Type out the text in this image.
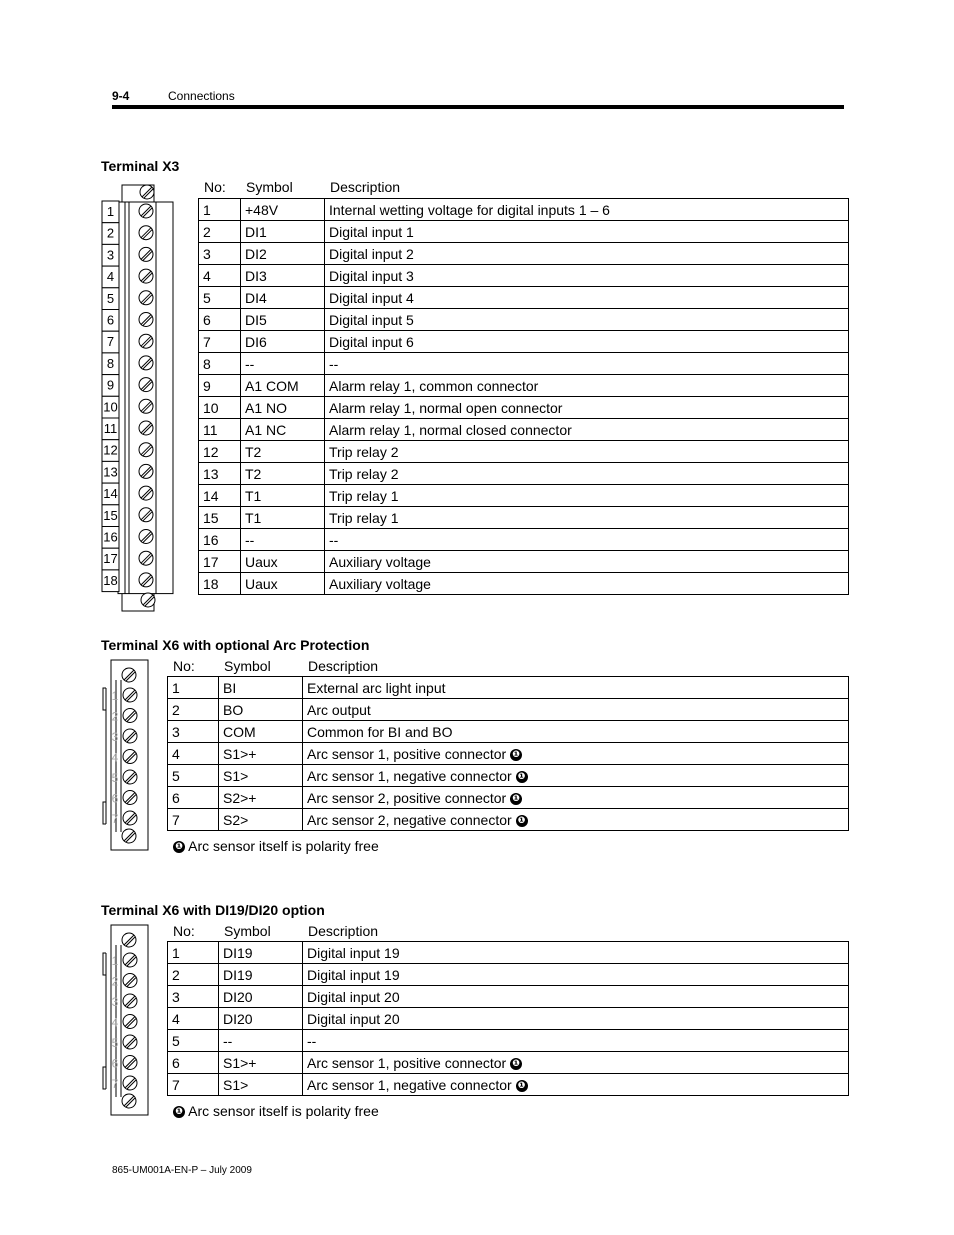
9-4	Connections
Terminal X3
No: Symbol	Description
1
2
3
4
5
6
7
8
9
10
11
12
13
14
15
16
17
18
1	+48V	Internal wetting voltage for digital inputs 1 – 6
2	DI1	Digital input 1
3	DI2	Digital input 2
4	DI3	Digital input 3
5	DI4	Digital input 4
6	DI5	Digital input 5
7	DI6	Digital input 6
8	--	--
9	A1 COM	Alarm relay 1, common connector
10	A1 NO	Alarm relay 1, normal open connector
11	A1 NC	Alarm relay 1, normal closed connector
12	T2	Trip relay 2
13	T2	Trip relay 2
14	T1	Trip relay 1
15	T1	Trip relay 1
16	--	--
17	Uaux	Auxiliary voltage
18	Uaux	Auxiliary voltage
Terminal X6 with optional Arc Protection
No: Symbol	Description
1
2
3
4
5
6
7
1	BI	External arc light input
2	BO	Arc output
3	COM	Common for BI and BO
4	S1>+	Arc sensor 1, positive connector ❶
5	S1>	Arc sensor 1, negative connector ❶
6	S2>+	Arc sensor 2, positive connector ❶
7	S2>	Arc sensor 2, negative connector ❶
❶ Arc sensor itself is polarity free
Terminal X6 with DI19/DI20 option
No: Symbol	Description
1
2
3
4
5
6
7
1	DI19	Digital input 19
2	DI19	Digital input 19
3	DI20	Digital input 20
4	DI20	Digital input 20
5	--	--
6	S1>+	Arc sensor 1, positive connector ❶
7	S1>	Arc sensor 1, negative connector ❶
❶ Arc sensor itself is polarity free
865-UM001A-EN-P – July 2009
